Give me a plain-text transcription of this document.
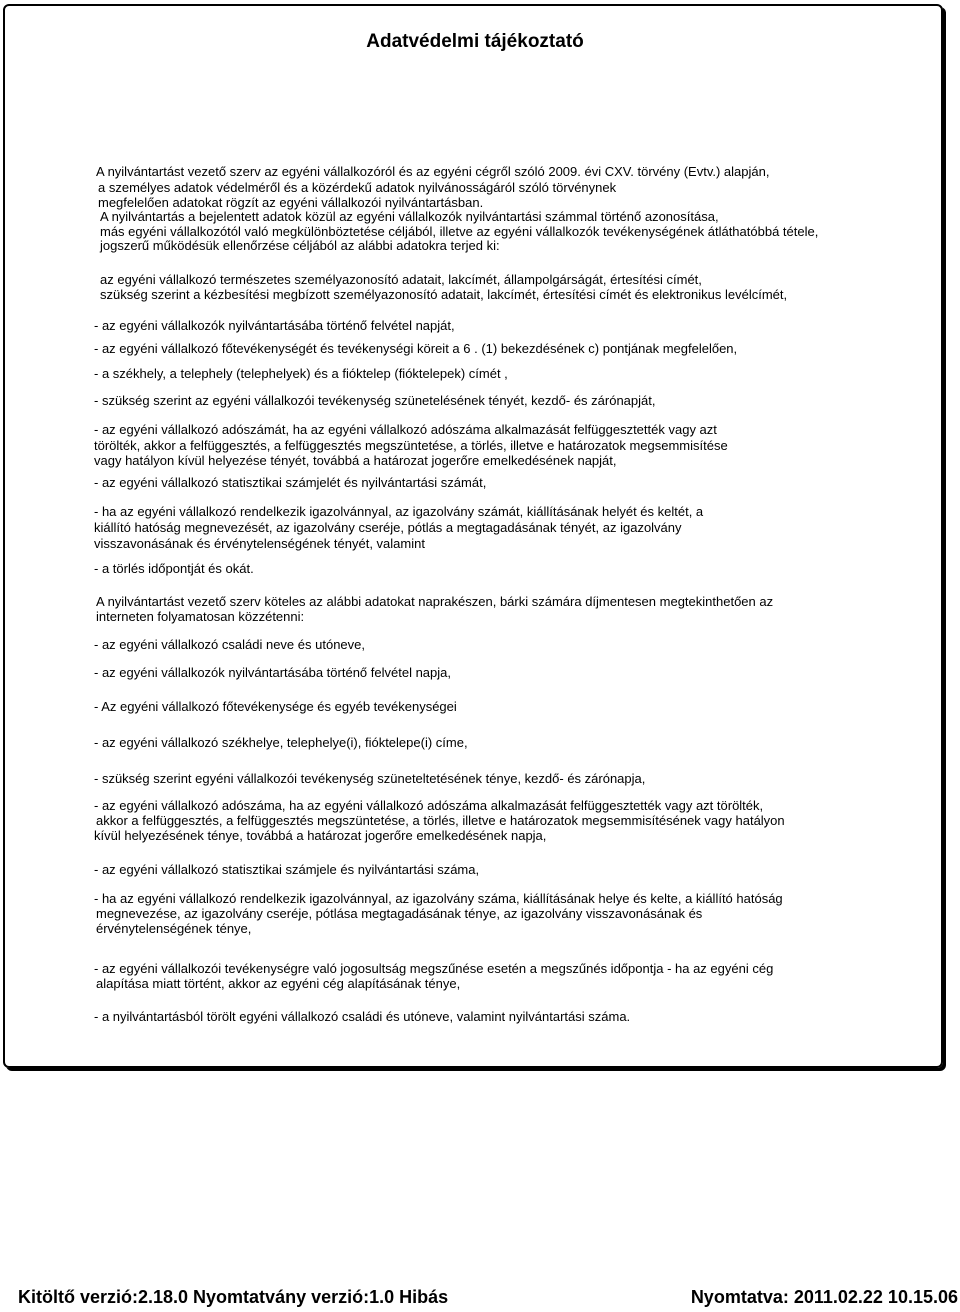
Adatvédelmi tájékoztató

A nyilvántartást vezető szerv az egyéni vállalkozóról és az egyéni cégről szóló 2009. évi CXV. törvény (Evtv.) alapján,

a személyes adatok védelméről és a közérdekű adatok nyilvánosságáról szóló törvénynek

megfelelően adatokat rögzít az egyéni vállalkozói nyilvántartásban.

A nyilvántartás a bejelentett adatok közül az egyéni vállalkozók nyilvántartási számmal történő azonosítása,

más egyéni vállalkozótól való megkülönböztetése céljából, illetve az egyéni vállalkozók tevékenységének átláthatóbbá tétele,

jogszerű működésük ellenőrzése céljából az alábbi adatokra terjed ki:

az egyéni vállalkozó természetes személyazonosító adatait, lakcímét, állampolgárságát, értesítési címét,

szükség szerint a kézbesítési megbízott személyazonosító adatait, lakcímét, értesítési címét és elektronikus levélcímét,

- az egyéni vállalkozók nyilvántartásába történő felvétel napját,

- az egyéni vállalkozó főtevékenységét és tevékenységi köreit a 6 . (1) bekezdésének c) pontjának megfelelően,

- a székhely, a telephely (telephelyek) és a fióktelep (fióktelepek) címét ,

- szükség szerint az egyéni vállalkozói tevékenység szünetelésének tényét, kezdő- és zárónapját,

- az egyéni vállalkozó adószámát, ha az egyéni vállalkozó adószáma alkalmazását felfüggesztették vagy azt

törölték, akkor a felfüggesztés, a felfüggesztés megszüntetése, a törlés, illetve e határozatok megsemmisítése

vagy hatályon kívül helyezése tényét, továbbá a határozat jogerőre emelkedésének napját,

- az egyéni vállalkozó statisztikai számjelét és nyilvántartási számát,

- ha az egyéni vállalkozó rendelkezik igazolvánnyal, az igazolvány számát, kiállításának helyét és keltét, a

kiállító hatóság megnevezését, az igazolvány cseréje, pótlás a megtagadásának tényét, az igazolvány

visszavonásának és érvénytelenségének tényét, valamint

- a törlés időpontját és okát.

A nyilvántartást vezető szerv köteles az alábbi adatokat naprakészen, bárki számára díjmentesen megtekinthetően az

interneten folyamatosan közzétenni:

- az egyéni vállalkozó családi neve és utóneve,

- az egyéni vállalkozók nyilvántartásába történő felvétel napja,

- Az egyéni vállalkozó főtevékenysége és egyéb tevékenységei

- az egyéni vállalkozó székhelye, telephelye(i), fióktelepe(i) címe,

- szükség szerint egyéni vállalkozói tevékenység szüneteltetésének ténye, kezdő- és zárónapja,

- az egyéni vállalkozó adószáma, ha az egyéni vállalkozó adószáma alkalmazását felfüggesztették vagy azt törölték,

akkor a felfüggesztés, a felfüggesztés megszüntetése, a törlés, illetve e határozatok megsemmisítésének vagy hatályon

kívül helyezésének ténye, továbbá a határozat jogerőre emelkedésének napja,

- az egyéni vállalkozó statisztikai számjele és nyilvántartási száma,

- ha az egyéni vállalkozó rendelkezik igazolvánnyal, az igazolvány száma, kiállításának helye és kelte, a kiállító hatóság

megnevezése, az igazolvány cseréje, pótlása megtagadásának ténye, az igazolvány visszavonásának és

érvénytelenségének ténye,

- az egyéni vállalkozói tevékenységre való jogosultság megszűnése esetén a megszűnés időpontja - ha az egyéni cég

alapítása miatt történt, akkor az egyéni cég alapításának ténye,

- a nyilvántartásból törölt egyéni vállalkozó családi és utóneve, valamint nyilvántartási száma.

Kitöltő verzió:2.18.0 Nyomtatvány verzió:1.0 Hibás	Nyomtatva: 2011.02.22 10.15.06
